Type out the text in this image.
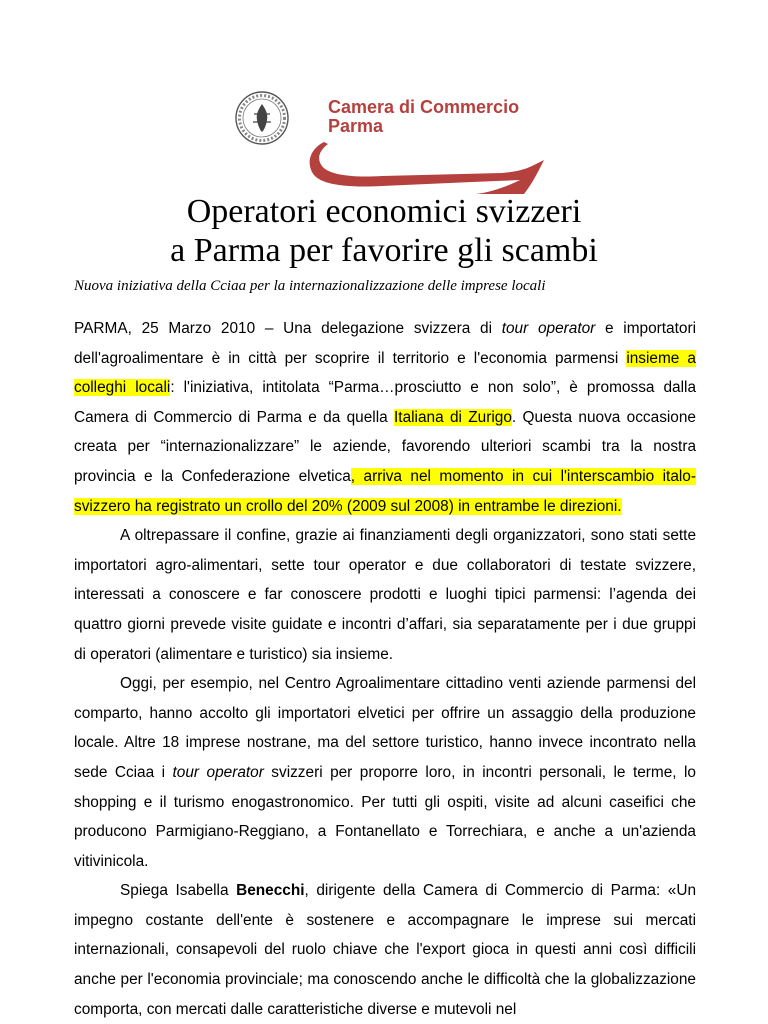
Camera di Commercio
Parma
Operatori economici svizzeri
a Parma per favorire gli scambi
Nuova iniziativa della Cciaa per la internazionalizzazione delle imprese locali

PARMA, 25 Marzo 2010 – Una delegazione svizzera di tour operator e importatori dell'agroalimentare è in città per scoprire il territorio e l'economia parmensi insieme a colleghi locali: l'iniziativa, intitolata “Parma…prosciutto e non solo”, è promossa dalla Camera di Commercio di Parma e da quella Italiana di Zurigo. Questa nuova occasione creata per “internazionalizzare” le aziende, favorendo ulteriori scambi tra la nostra provincia e la Confederazione elvetica, arriva nel momento in cui l'interscambio italo-svizzero ha registrato un crollo del 20% (2009 sul 2008) in entrambe le direzioni.

A oltrepassare il confine, grazie ai finanziamenti degli organizzatori, sono stati sette importatori agro-alimentari, sette tour operator e due collaboratori di testate svizzere, interessati a conoscere e far conoscere prodotti e luoghi tipici parmensi: l’agenda dei quattro giorni prevede visite guidate e incontri d’affari, sia separatamente per i due gruppi di operatori (alimentare e turistico) sia insieme.

Oggi, per esempio, nel Centro Agroalimentare cittadino venti aziende parmensi del comparto, hanno accolto gli importatori elvetici per offrire un assaggio della produzione locale. Altre 18 imprese nostrane, ma del settore turistico, hanno invece incontrato nella sede Cciaa i tour operator svizzeri per proporre loro, in incontri personali, le terme, lo shopping e il turismo enogastronomico. Per tutti gli ospiti, visite ad alcuni caseifici che producono Parmigiano-Reggiano, a Fontanellato e Torrechiara, e anche a un'azienda vitivinicola.

Spiega Isabella Benecchi, dirigente della Camera di Commercio di Parma: «Un impegno costante dell'ente è sostenere e accompagnare le imprese sui mercati internazionali, consapevoli del ruolo chiave che l'export gioca in questi anni così difficili anche per l'economia provinciale; ma conoscendo anche le difficoltà che la globalizzazione comporta, con mercati dalle caratteristiche diverse e mutevoli nel
